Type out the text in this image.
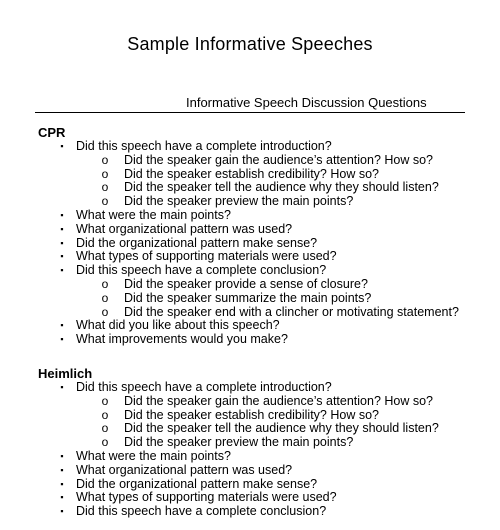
Sample Informative Speeches
Informative Speech Discussion Questions
CPR
▪ Did this speech have a complete introduction?
o Did the speaker gain the audience’s attention? How so?
o Did the speaker establish credibility? How so?
o Did the speaker tell the audience why they should listen?
o Did the speaker preview the main points?
▪ What were the main points?
▪ What organizational pattern was used?
▪ Did the organizational pattern make sense?
▪ What types of supporting materials were used?
▪ Did this speech have a complete conclusion?
o Did the speaker provide a sense of closure?
o Did the speaker summarize the main points?
o Did the speaker end with a clincher or motivating statement?
▪ What did you like about this speech?
▪ What improvements would you make?
Heimlich
▪ Did this speech have a complete introduction?
o Did the speaker gain the audience’s attention? How so?
o Did the speaker establish credibility? How so?
o Did the speaker tell the audience why they should listen?
o Did the speaker preview the main points?
▪ What were the main points?
▪ What organizational pattern was used?
▪ Did the organizational pattern make sense?
▪ What types of supporting materials were used?
▪ Did this speech have a complete conclusion?
